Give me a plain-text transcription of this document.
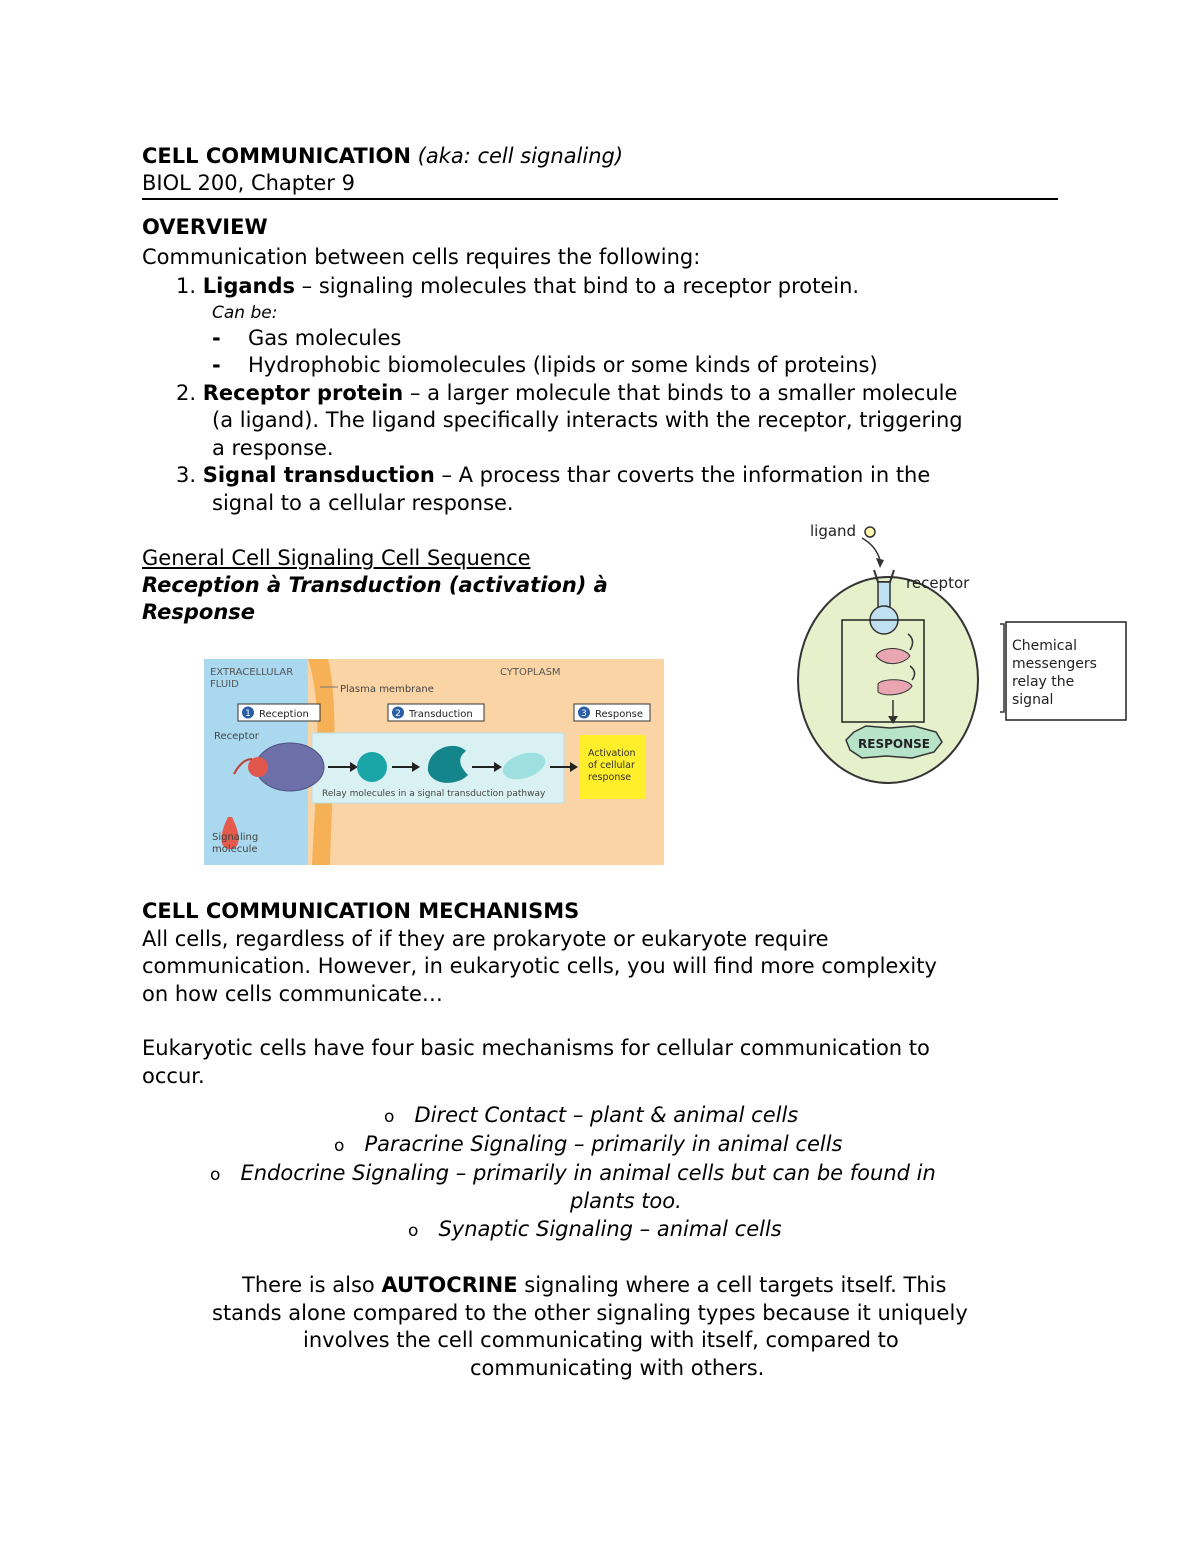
CELL COMMUNICATION (aka: cell signaling)
BIOL 200, Chapter 9
OVERVIEW
Communication between cells requires the following:
1. Ligands – signaling molecules that bind to a receptor protein.
Can be:
- Gas molecules
- Hydrophobic biomolecules (lipids or some kinds of proteins)
2. Receptor protein – a larger molecule that binds to a smaller molecule
(a ligand). The ligand specifically interacts with the receptor, triggering
a response.
3. Signal transduction – A process thar coverts the information in the
signal to a cellular response.
General Cell Signaling Cell Sequence
Reception à Transduction (activation) à
Response
EXTRACELLULAR
FLUID
CYTOPLASM
Plasma membrane
1 Reception	2 Transduction	3 Response
Receptor
Activation
of cellular
response
Relay molecules in a signal transduction pathway
Signaling
molecule
ligand
receptor
RESPONSE
Chemical
messengers
relay the
signal
CELL COMMUNICATION MECHANISMS
All cells, regardless of if they are prokaryote or eukaryote require
communication. However, in eukaryotic cells, you will find more complexity
on how cells communicate…
Eukaryotic cells have four basic mechanisms for cellular communication to
occur.
o Direct Contact – plant & animal cells
o Paracrine Signaling – primarily in animal cells
o Endocrine Signaling – primarily in animal cells but can be found in
plants too.
o Synaptic Signaling – animal cells
There is also AUTOCRINE signaling where a cell targets itself. This
stands alone compared to the other signaling types because it uniquely
involves the cell communicating with itself, compared to
communicating with others.
